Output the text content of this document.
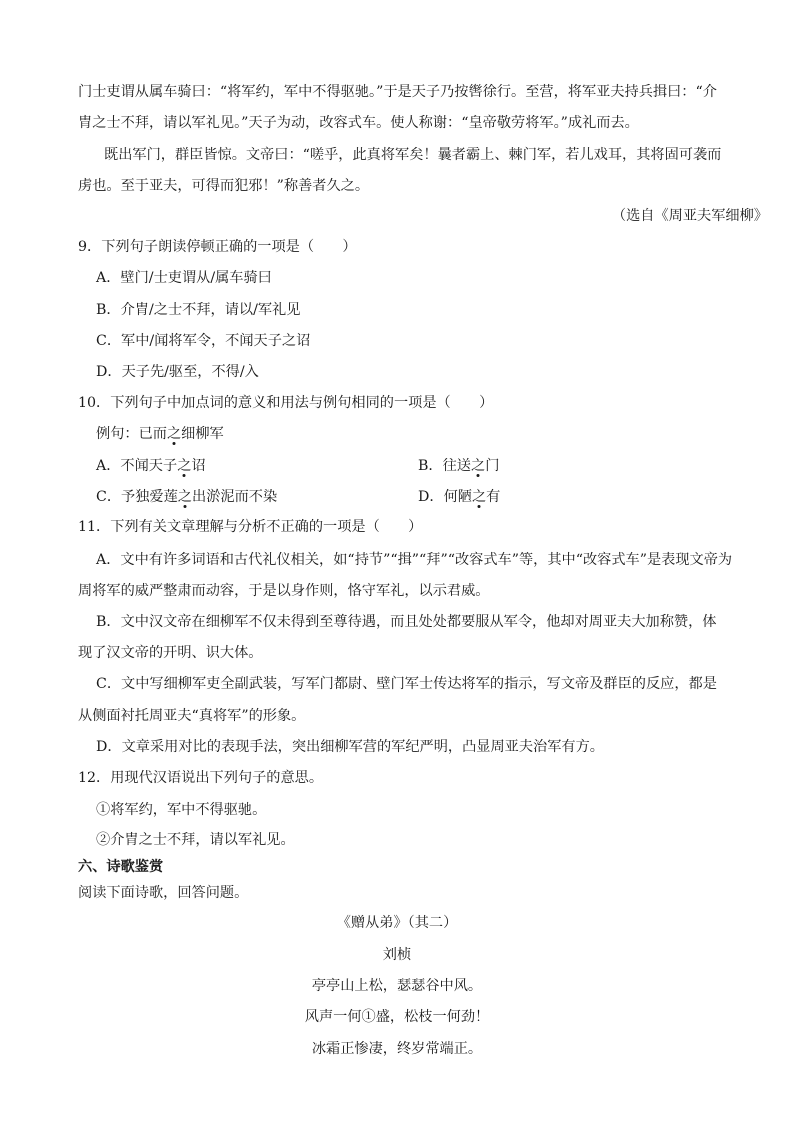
门士吏谓从属车骑曰：“将军约，军中不得驱驰。”于是天子乃按辔徐行。至营，将军亚夫持兵揖曰：“介
胄之士不拜，请以军礼见。”天子为动，改容式车。使人称谢：“皇帝敬劳将军。”成礼而去。
既出军门，群臣皆惊。文帝曰：“嗟乎，此真将军矣！曩者霸上、棘门军，若儿戏耳，其将固可袭而
虏也。至于亚夫，可得而犯邪！”称善者久之。
（选自《周亚夫军细柳》
9．下列句子朗读停顿正确的一项是（　　）
A．壁门/士吏谓从/属车骑曰
B．介胄/之士不拜，请以/军礼见
C．军中/闻将军令，不闻天子之诏
D．天子先/驱至，不得/入
10．下列句子中加点词的意义和用法与例句相同的一项是（　　）
例句：已而之细柳军
A．不闻天子之诏	B．往送之门
C．予独爱莲之出淤泥而不染	D．何陋之有
11．下列有关文章理解与分析不正确的一项是（　　）
A．文中有许多词语和古代礼仪相关，如“持节”“揖”“拜”“改容式车”等，其中“改容式车”是表现文帝为
周将军的威严整肃而动容，于是以身作则，恪守军礼，以示君威。
B．文中汉文帝在细柳军不仅未得到至尊待遇，而且处处都要服从军令，他却对周亚夫大加称赞，体
现了汉文帝的开明、识大体。
C．文中写细柳军吏全副武装，写军门都尉、壁门军士传达将军的指示，写文帝及群臣的反应，都是
从侧面衬托周亚夫“真将军”的形象。
D．文章采用对比的表现手法，突出细柳军营的军纪严明，凸显周亚夫治军有方。
12．用现代汉语说出下列句子的意思。
①将军约，军中不得驱驰。
②介胄之士不拜，请以军礼见。
六、诗歌鉴赏
阅读下面诗歌，回答问题。
《赠从弟》（其二）
刘桢
亭亭山上松，瑟瑟谷中风。
风声一何①盛，松枝一何劲！
冰霜正惨凄，终岁常端正。
